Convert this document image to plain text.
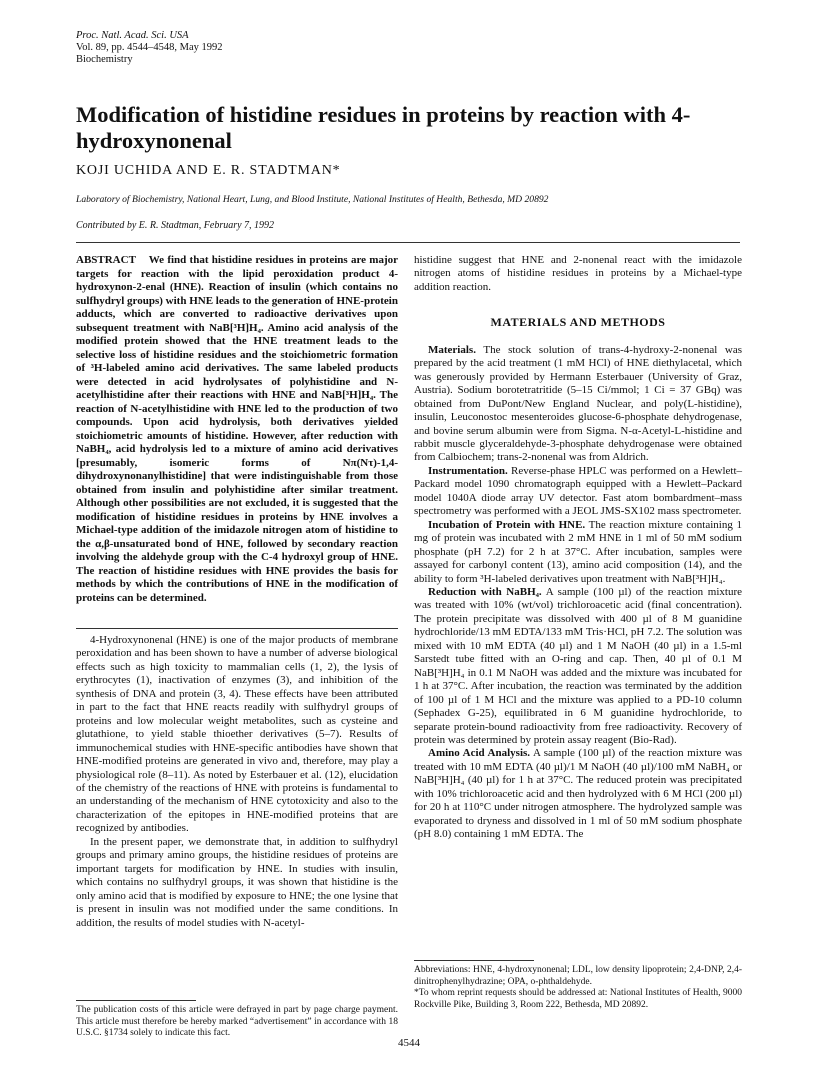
Proc. Natl. Acad. Sci. USA
Vol. 89, pp. 4544–4548, May 1992
Biochemistry
Modification of histidine residues in proteins by reaction with 4-hydroxynonenal
KOJI UCHIDA AND E. R. STADTMAN*
Laboratory of Biochemistry, National Heart, Lung, and Blood Institute, National Institutes of Health, Bethesda, MD 20892
Contributed by E. R. Stadtman, February 7, 1992

ABSTRACT We find that histidine residues in proteins are major targets for reaction with the lipid peroxidation product 4-hydroxynon-2-enal (HNE). Reaction of insulin (which contains no sulfhydryl groups) with HNE leads to the generation of HNE-protein adducts, which are converted to radioactive derivatives upon subsequent treatment with NaB[³H]H₄. Amino acid analysis of the modified protein showed that the HNE treatment leads to the selective loss of histidine residues and the stoichiometric formation of ³H-labeled amino acid derivatives. The same labeled products were detected in acid hydrolysates of polyhistidine and N-acetylhistidine after their reactions with HNE and NaB[³H]H₄. The reaction of N-acetylhistidine with HNE led to the production of two compounds. Upon acid hydrolysis, both derivatives yielded stoichiometric amounts of histidine. However, after reduction with NaBH₄, acid hydrolysis led to a mixture of amino acid derivatives [presumably, isomeric forms of Nπ(Nτ)-1,4-dihydroxynonanylhistidine] that were indistinguishable from those obtained from insulin and polyhistidine after similar treatment. Although other possibilities are not excluded, it is suggested that the modification of histidine residues in proteins by HNE involves a Michael-type addition of the imidazole nitrogen atom of histidine to the α,β-unsaturated bond of HNE, followed by secondary reaction involving the aldehyde group with the C-4 hydroxyl group of HNE. The reaction of histidine residues with HNE provides the basis for methods by which the contributions of HNE in the modification of proteins can be determined.

4-Hydroxynonenal (HNE) is one of the major products of membrane peroxidation and has been shown to have a number of adverse biological effects such as high toxicity to mammalian cells (1, 2), the lysis of erythrocytes (1), inactivation of enzymes (3), and inhibition of the synthesis of DNA and protein (3, 4). These effects have been attributed in part to the fact that HNE reacts readily with sulfhydryl groups of proteins and low molecular weight metabolites, such as cysteine and glutathione, to yield stable thioether derivatives (5–7). Results of immunochemical studies with HNE-specific antibodies have shown that HNE-modified proteins are generated in vivo and, therefore, may play a physiological role (8–11). As noted by Esterbauer et al. (12), elucidation of the chemistry of the reactions of HNE with proteins is fundamental to an understanding of the mechanism of HNE cytotoxicity and also to the characterization of the epitopes in HNE-modified proteins that are recognized by antibodies.

In the present paper, we demonstrate that, in addition to sulfhydryl groups and primary amino groups, the histidine residues of proteins are important targets for modification by HNE. In studies with insulin, which contains no sulfhydryl groups, it was shown that histidine is the only amino acid that is modified by exposure to HNE; the one lysine that is present in insulin was not modified under the same conditions. In addition, the results of model studies with N-acetyl-

histidine suggest that HNE and 2-nonenal react with the imidazole nitrogen atoms of histidine residues in proteins by a Michael-type addition reaction.

MATERIALS AND METHODS

Materials. The stock solution of trans-4-hydroxy-2-nonenal was prepared by the acid treatment (1 mM HCl) of HNE diethylacetal, which was generously provided by Hermann Esterbauer (University of Graz, Austria). Sodium borotetratritide (5–15 Ci/mmol; 1 Ci = 37 GBq) was obtained from DuPont/New England Nuclear, and poly(L-histidine), insulin, Leuconostoc mesenteroides glucose-6-phosphate dehydrogenase, and bovine serum albumin were from Sigma. N-α-Acetyl-L-histidine and rabbit muscle glyceraldehyde-3-phosphate dehydrogenase were obtained from Calbiochem; trans-2-nonenal was from Aldrich.

Instrumentation. Reverse-phase HPLC was performed on a Hewlett–Packard model 1090 chromatograph equipped with a Hewlett–Packard model 1040A diode array UV detector. Fast atom bombardment–mass spectrometry was performed with a JEOL JMS-SX102 mass spectrometer.

Incubation of Protein with HNE. The reaction mixture containing 1 mg of protein was incubated with 2 mM HNE in 1 ml of 50 mM sodium phosphate (pH 7.2) for 2 h at 37°C. After incubation, samples were assayed for carbonyl content (13), amino acid composition (14), and the ability to form ³H-labeled derivatives upon treatment with NaB[³H]H₄.

Reduction with NaBH₄. A sample (100 µl) of the reaction mixture was treated with 10% (wt/vol) trichloroacetic acid (final concentration). The protein precipitate was dissolved with 400 µl of 8 M guanidine hydrochloride/13 mM EDTA/133 mM Tris·HCl, pH 7.2. The solution was mixed with 10 mM EDTA (40 µl) and 1 M NaOH (40 µl) in a 1.5-ml Sarstedt tube fitted with an O-ring and cap. Then, 40 µl of 0.1 M NaB[³H]H₄ in 0.1 M NaOH was added and the mixture was incubated for 1 h at 37°C. After incubation, the reaction was terminated by the addition of 100 µl of 1 M HCl and the mixture was applied to a PD-10 column (Sephadex G-25), equilibrated in 6 M guanidine hydrochloride, to separate protein-bound radioactivity from free radioactivity. Recovery of protein was determined by protein assay reagent (Bio-Rad).

Amino Acid Analysis. A sample (100 µl) of the reaction mixture was treated with 10 mM EDTA (40 µl)/1 M NaOH (40 µl)/100 mM NaBH₄ or NaB[³H]H₄ (40 µl) for 1 h at 37°C. The reduced protein was precipitated with 10% trichloroacetic acid and then hydrolyzed with 6 M HCl (200 µl) for 20 h at 110°C under nitrogen atmosphere. The hydrolyzed sample was evaporated to dryness and dissolved in 1 ml of 50 mM sodium phosphate (pH 8.0) containing 1 mM EDTA. The

The publication costs of this article were defrayed in part by page charge payment. This article must therefore be hereby marked “advertisement” in accordance with 18 U.S.C. §1734 solely to indicate this fact.

Abbreviations: HNE, 4-hydroxynonenal; LDL, low density lipoprotein; 2,4-DNP, 2,4-dinitrophenylhydrazine; OPA, o-phthaldehyde.

*To whom reprint requests should be addressed at: National Institutes of Health, 9000 Rockville Pike, Building 3, Room 222, Bethesda, MD 20892.

4544
